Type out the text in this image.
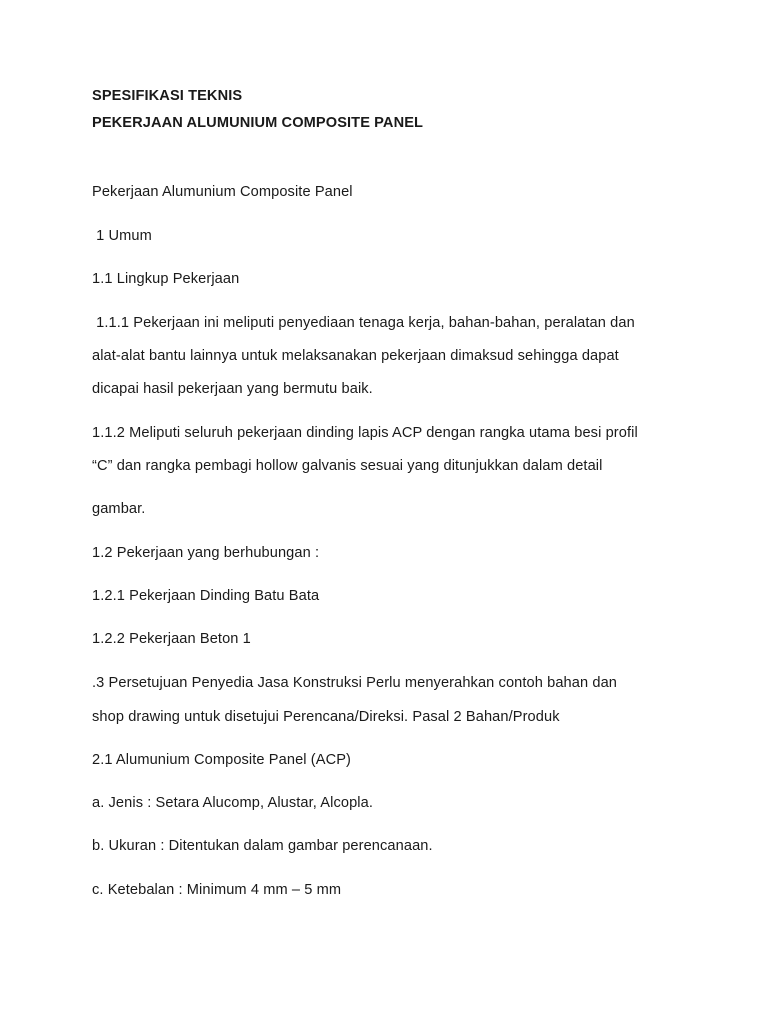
SPESIFIKASI TEKNIS
PEKERJAAN ALUMUNIUM COMPOSITE PANEL
Pekerjaan Alumunium Composite Panel
1 Umum
1.1 Lingkup Pekerjaan
1.1.1 Pekerjaan ini meliputi penyediaan tenaga kerja, bahan-bahan, peralatan dan
alat-alat bantu lainnya untuk melaksanakan pekerjaan dimaksud sehingga dapat
dicapai hasil pekerjaan yang bermutu baik.
1.1.2 Meliputi seluruh pekerjaan dinding lapis ACP dengan rangka utama besi profil
“C” dan rangka pembagi hollow galvanis sesuai yang ditunjukkan dalam detail
gambar.
1.2 Pekerjaan yang berhubungan :
1.2.1 Pekerjaan Dinding Batu Bata
1.2.2 Pekerjaan Beton 1
.3 Persetujuan Penyedia Jasa Konstruksi Perlu menyerahkan contoh bahan dan
shop drawing untuk disetujui Perencana/Direksi. Pasal 2 Bahan/Produk
2.1 Alumunium Composite Panel (ACP)
a. Jenis : Setara Alucomp, Alustar, Alcopla.
b. Ukuran : Ditentukan dalam gambar perencanaan.
c. Ketebalan : Minimum 4 mm – 5 mm
